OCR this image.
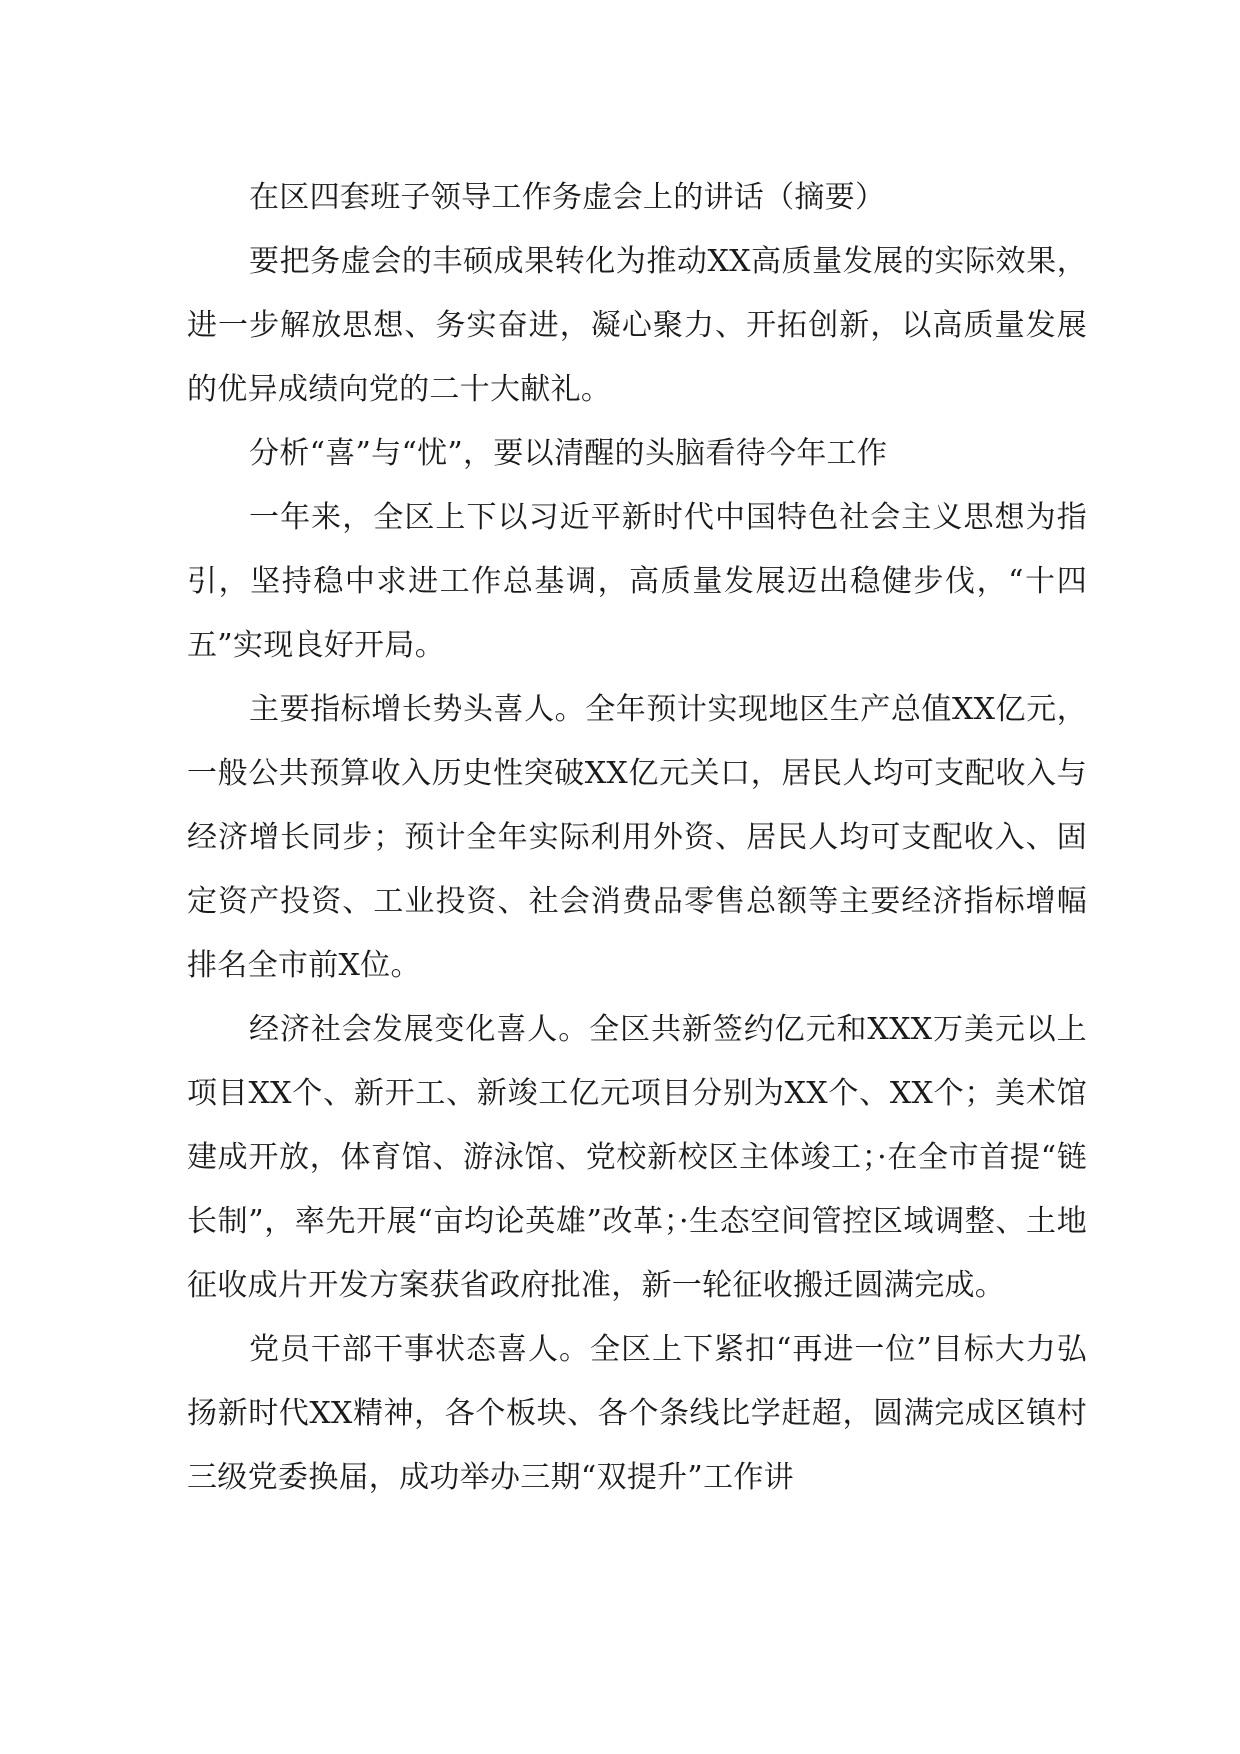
在区四套班子领导工作务虚会上的讲话（摘要）

要把务虚会的丰硕成果转化为推动XX高质量发展的实际效果，进一步解放思想、务实奋进，凝心聚力、开拓创新，以高质量发展的优异成绩向党的二十大献礼。

分析“喜”与“忧”，要以清醒的头脑看待今年工作

一年来，全区上下以习近平新时代中国特色社会主义思想为指引，坚持稳中求进工作总基调，高质量发展迈出稳健步伐，“十四五”实现良好开局。

主要指标增长势头喜人。全年预计实现地区生产总值XX亿元，一般公共预算收入历史性突破XX亿元关口，居民人均可支配收入与经济增长同步；预计全年实际利用外资、居民人均可支配收入、固定资产投资、工业投资、社会消费品零售总额等主要经济指标增幅排名全市前X位。

经济社会发展变化喜人。全区共新签约亿元和XXX万美元以上项目XX个、新开工、新竣工亿元项目分别为XX个、XX个；美术馆建成开放，体育馆、游泳馆、党校新校区主体竣工；·在全市首提“链长制”，率先开展“亩均论英雄”改革；·生态空间管控区域调整、土地征收成片开发方案获省政府批准，新一轮征收搬迁圆满完成。

党员干部干事状态喜人。全区上下紧扣“再进一位”目标大力弘扬新时代XX精神，各个板块、各个条线比学赶超，圆满完成区镇村三级党委换届，成功举办三期“双提升”工作讲
